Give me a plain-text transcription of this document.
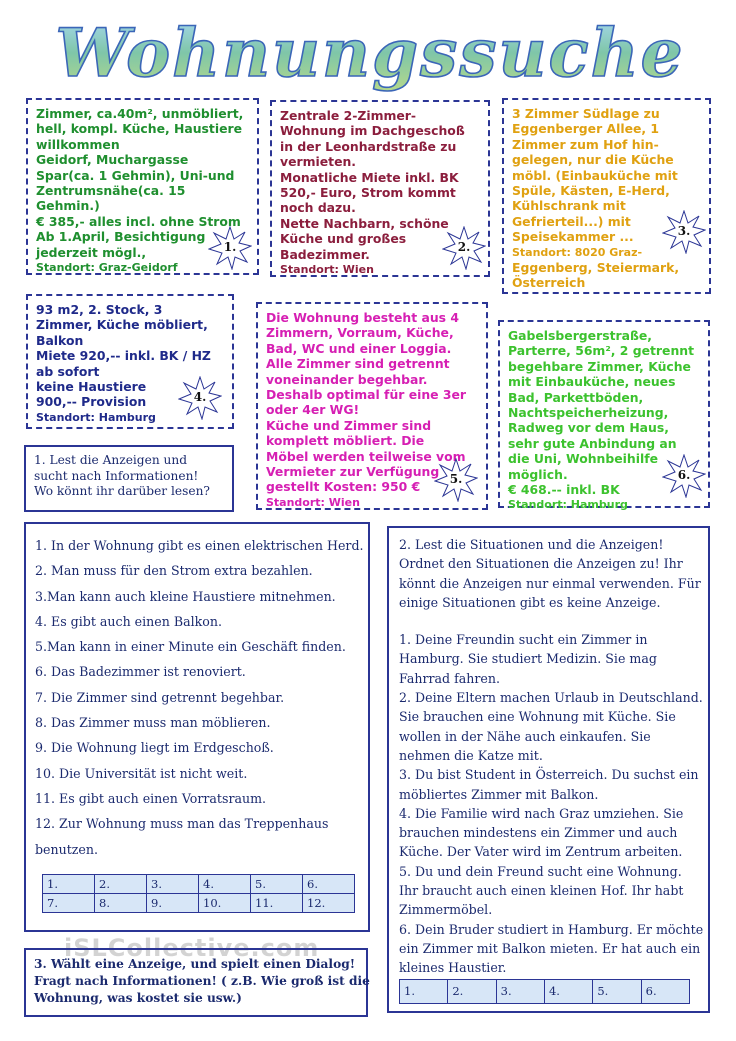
Wohnungssuche
Zimmer, ca.40m², unmöbliert,
hell, kompl. Küche, Haustiere
willkommen
Geidorf, Muchargasse
Spar(ca. 1 Gehmin), Uni-und
Zentrumsnähe(ca. 15
Gehmin.)
€ 385,- alles incl. ohne Strom
Ab 1.April, Besichtigung
jederzeit mögl.,
Standort: Graz-Geidorf
1.
Zentrale 2-Zimmer-
Wohnung im Dachgeschoß
in der Leonhardstraße zu
vermieten.
Monatliche Miete inkl. BK
520,- Euro, Strom kommt
noch dazu.
Nette Nachbarn, schöne
Küche und großes
Badezimmer.
Standort: Wien
2.
3 Zimmer Südlage zu
Eggenberger Allee, 1
Zimmer zum Hof hin-
gelegen, nur die Küche
möbl. (Einbauküche mit
Spüle, Kästen, E-Herd,
Kühlschrank mit
Gefrierteil...) mit
Speisekammer ...
Standort: 8020 Graz-
Eggenberg, Steiermark,
Österreich
3.
93 m2, 2. Stock, 3
Zimmer, Küche möbliert,
Balkon
Miete 920,-- inkl. BK / HZ
ab sofort
keine Haustiere
900,-- Provision
Standort: Hamburg
4.
Die Wohnung besteht aus 4
Zimmern, Vorraum, Küche,
Bad, WC und einer Loggia.
Alle Zimmer sind getrennt
voneinander begehbar.
Deshalb optimal für eine 3er
oder 4er WG!
Küche und Zimmer sind
komplett möbliert. Die
Möbel werden teilweise vom
Vermieter zur Verfügung
gestellt Kosten: 950 €
Standort: Wien
5.
Gabelsbergerstraße,
Parterre, 56m², 2 getrennt
begehbare Zimmer, Küche
mit Einbauküche, neues
Bad, Parkettböden,
Nachtspeicherheizung,
Radweg vor dem Haus,
sehr gute Anbindung an
die Uni, Wohnbeihilfe
möglich.
€ 468.-- inkl. BK
Standort: Hamburg
6.
1. Lest die Anzeigen und
sucht nach Informationen!
Wo könnt ihr darüber lesen?
1. In der Wohnung gibt es einen elektrischen Herd.
2. Man muss für den Strom extra bezahlen.
3.Man kann auch kleine Haustiere mitnehmen.
4. Es gibt auch einen Balkon.
5.Man kann in einer Minute ein Geschäft finden.
6. Das Badezimmer ist renoviert.
7. Die Zimmer sind getrennt begehbar.
8. Das Zimmer muss man möblieren.
9. Die Wohnung liegt im Erdgeschoß.
10. Die Universität ist nicht weit.
11. Es gibt auch einen Vorratsraum.
12. Zur Wohnung muss man das Treppenhaus
benutzen.
1.	2.	3.	4.	5.	6.
7.	8.	9.	10.	11.	12.
2. Lest die Situationen und die Anzeigen!
Ordnet den Situationen die Anzeigen zu! Ihr
könnt die Anzeigen nur einmal verwenden. Für
einige Situationen gibt es keine Anzeige.
1. Deine Freundin sucht ein Zimmer in
Hamburg. Sie studiert Medizin. Sie mag
Fahrrad fahren.
2. Deine Eltern machen Urlaub in Deutschland.
Sie brauchen eine Wohnung mit Küche. Sie
wollen in der Nähe auch einkaufen. Sie
nehmen die Katze mit.
3. Du bist Student in Österreich. Du suchst ein
möbliertes Zimmer mit Balkon.
4. Die Familie wird nach Graz umziehen. Sie
brauchen mindestens ein Zimmer und auch
Küche. Der Vater wird im Zentrum arbeiten.
5. Du und dein Freund sucht eine Wohnung.
Ihr braucht auch einen kleinen Hof. Ihr habt
Zimmermöbel.
6. Dein Bruder studiert in Hamburg. Er möchte
ein Zimmer mit Balkon mieten. Er hat auch ein
kleines Haustier.
1.	2.	3.	4.	5.	6.
iSLCollective.com
3. Wählt eine Anzeige, und spielt einen Dialog!
Fragt nach Informationen! ( z.B. Wie groß ist die
Wohnung, was kostet sie usw.)
